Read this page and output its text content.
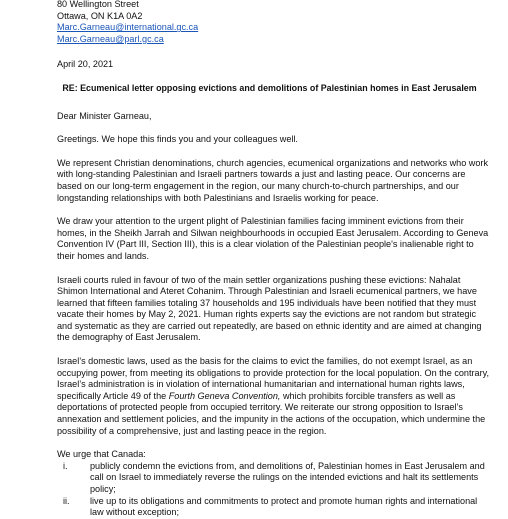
80 Wellington Street
Ottawa, ON K1A 0A2
Marc.Garneau@international.gc.ca
Marc.Garneau@parl.gc.ca
April 20, 2021
RE: Ecumenical letter opposing evictions and demolitions of Palestinian homes in East Jerusalem
Dear Minister Garneau,

Greetings. We hope this finds you and your colleagues well.

We represent Christian denominations, church agencies, ecumenical organizations and networks who work with long-standing Palestinian and Israeli partners towards a just and lasting peace. Our concerns are based on our long-term engagement in the region, our many church-to-church partnerships, and our longstanding relationships with both Palestinians and Israelis working for peace.

We draw your attention to the urgent plight of Palestinian families facing imminent evictions from their homes, in the Sheikh Jarrah and Silwan neighbourhoods in occupied East Jerusalem. According to Geneva Convention IV (Part III, Section III), this is a clear violation of the Palestinian people's inalienable right to their homes and lands.

Israeli courts ruled in favour of two of the main settler organizations pushing these evictions: Nahalat Shimon International and Ateret Cohanim. Through Palestinian and Israeli ecumenical partners, we have learned that fifteen families totaling 37 households and 195 individuals have been notified that they must vacate their homes by May 2, 2021. Human rights experts say the evictions are not random but strategic and systematic as they are carried out repeatedly, are based on ethnic identity and are aimed at changing the demography of East Jerusalem.

Israel’s domestic laws, used as the basis for the claims to evict the families, do not exempt Israel, as an occupying power, from meeting its obligations to provide protection for the local population. On the contrary, Israel’s administration is in violation of international humanitarian and international human rights laws, specifically Article 49 of the Fourth Geneva Convention, which prohibits forcible transfers as well as deportations of protected people from occupied territory. We reiterate our strong opposition to Israel’s annexation and settlement policies, and the impunity in the actions of the occupation, which undermine the possibility of a comprehensive, just and lasting peace in the region.

We urge that Canada:

i. publicly condemn the evictions from, and demolitions of, Palestinian homes in East Jerusalem and call on Israel to immediately reverse the rulings on the intended evictions and halt its settlements policy;
ii. live up to its obligations and commitments to protect and promote human rights and international law without exception;
